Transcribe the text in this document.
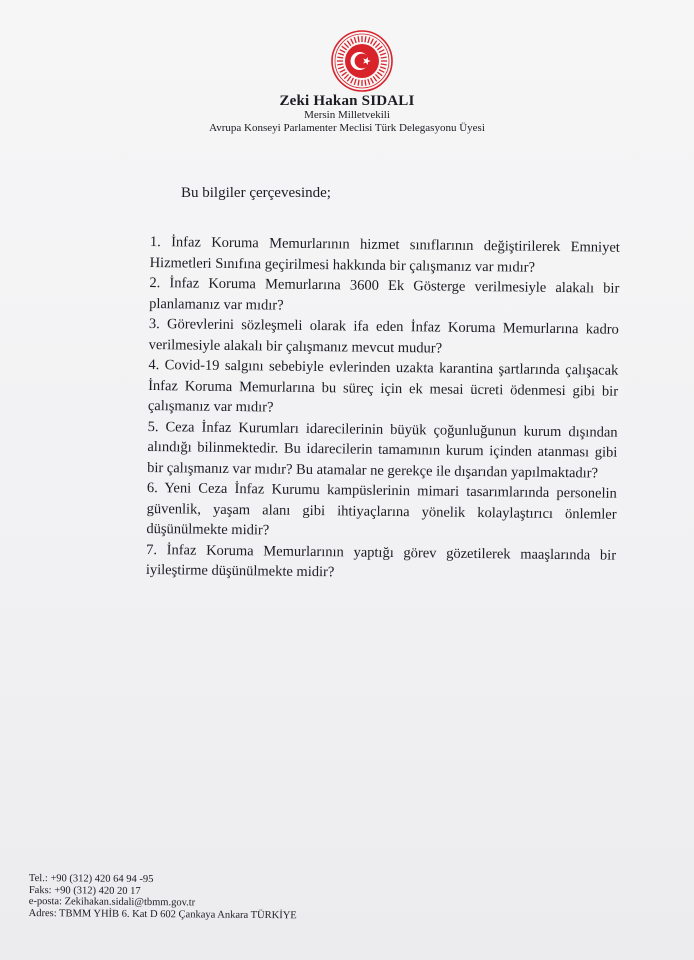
Zeki Hakan SIDALI
Mersin Milletvekili
Avrupa Konseyi Parlamenter Meclisi Türk Delegasyonu Üyesi
Bu bilgiler çerçevesinde;

1. İnfaz Koruma Memurlarının hizmet sınıflarının değiştirilerek Emniyet Hizmetleri Sınıfına geçirilmesi hakkında bir çalışmanız var mıdır?

2. İnfaz Koruma Memurlarına 3600 Ek Gösterge verilmesiyle alakalı bir planlamanız var mıdır?

3. Görevlerini sözleşmeli olarak ifa eden İnfaz Koruma Memurlarına kadro verilmesiyle alakalı bir çalışmanız mevcut mudur?

4. Covid-19 salgını sebebiyle evlerinden uzakta karantina şartlarında çalışacak İnfaz Koruma Memurlarına bu süreç için ek mesai ücreti ödenmesi gibi bir çalışmanız var mıdır?

5. Ceza İnfaz Kurumları idarecilerinin büyük çoğunluğunun kurum dışından alındığı bilinmektedir. Bu idarecilerin tamamının kurum içinden atanması gibi bir çalışmanız var mıdır? Bu atamalar ne gerekçe ile dışarıdan yapılmaktadır?

6. Yeni Ceza İnfaz Kurumu kampüslerinin mimari tasarımlarında personelin güvenlik, yaşam alanı gibi ihtiyaçlarına yönelik kolaylaştırıcı önlemler düşünülmekte midir?

7. İnfaz Koruma Memurlarının yaptığı görev gözetilerek maaşlarında bir iyileştirme düşünülmekte midir?

Tel.: +90 (312) 420 64 94 -95
Faks: +90 (312) 420 20 17
e-posta: Zekihakan.sidali@tbmm.gov.tr
Adres: TBMM YHİB 6. Kat D 602 Çankaya Ankara TÜRKİYE
